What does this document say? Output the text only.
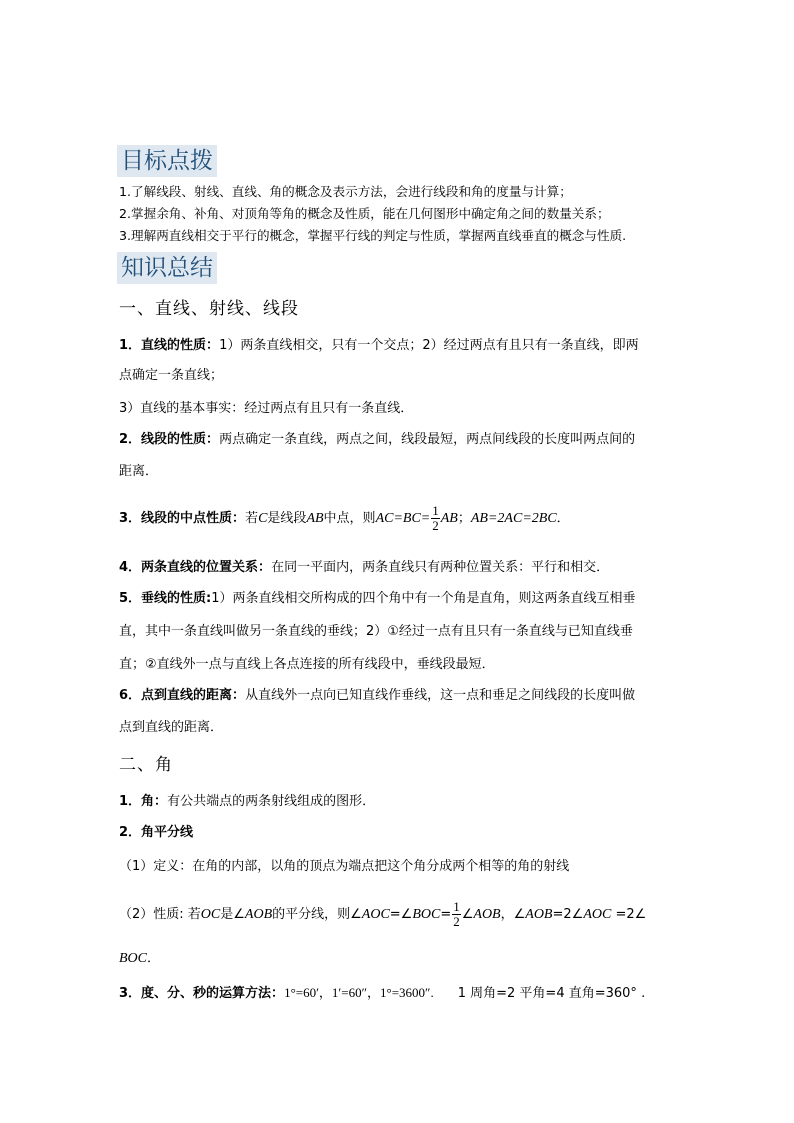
目标点拨
1.了解线段、射线、直线、角的概念及表示方法，会进行线段和角的度量与计算；
2.掌握余角、补角、对顶角等角的概念及性质，能在几何图形中确定角之间的数量关系；
3.理解两直线相交于平行的概念，掌握平行线的判定与性质，掌握两直线垂直的概念与性质.
知识总结
一、直线、射线、线段
1．直线的性质：1）两条直线相交，只有一个交点；2）经过两点有且只有一条直线，即两
点确定一条直线；
3）直线的基本事实：经过两点有且只有一条直线．
2．线段的性质：两点确定一条直线，两点之间，线段最短，两点间线段的长度叫两点间的
距离．
3．线段的中点性质：若C是线段AB中点，则$AC=BC= \frac{1}{2}$ AB；AB=2AC=2BC．
4．两条直线的位置关系：在同一平面内，两条直线只有两种位置关系：平行和相交．
5．垂线的性质:1）两条直线相交所构成的四个角中有一个角是直角，则这两条直线互相垂
直，其中一条直线叫做另一条直线的垂线；2）①经过一点有且只有一条直线与已知直线垂
直；②直线外一点与直线上各点连接的所有线段中，垂线段最短．
6．点到直线的距离：从直线外一点向已知直线作垂线，这一点和垂足之间线段的长度叫做
点到直线的距离．
二、角
1．角：有公共端点的两条射线组成的图形．
2．角平分线
（1）定义：在角的内部，以角的顶点为端点把这个角分成两个相等的角的射线
（2）性质: 若OC是∠AOB的平分线，则∠AOC=∠BOC= $\frac{1}{2}$ ∠AOB，∠AOB=2∠AOC =2∠
BOC．
3．度、分、秒的运算方法：1°=60′，1′=60″，1°=3600″. 1 周角=2 平角=4 直角=360° .
